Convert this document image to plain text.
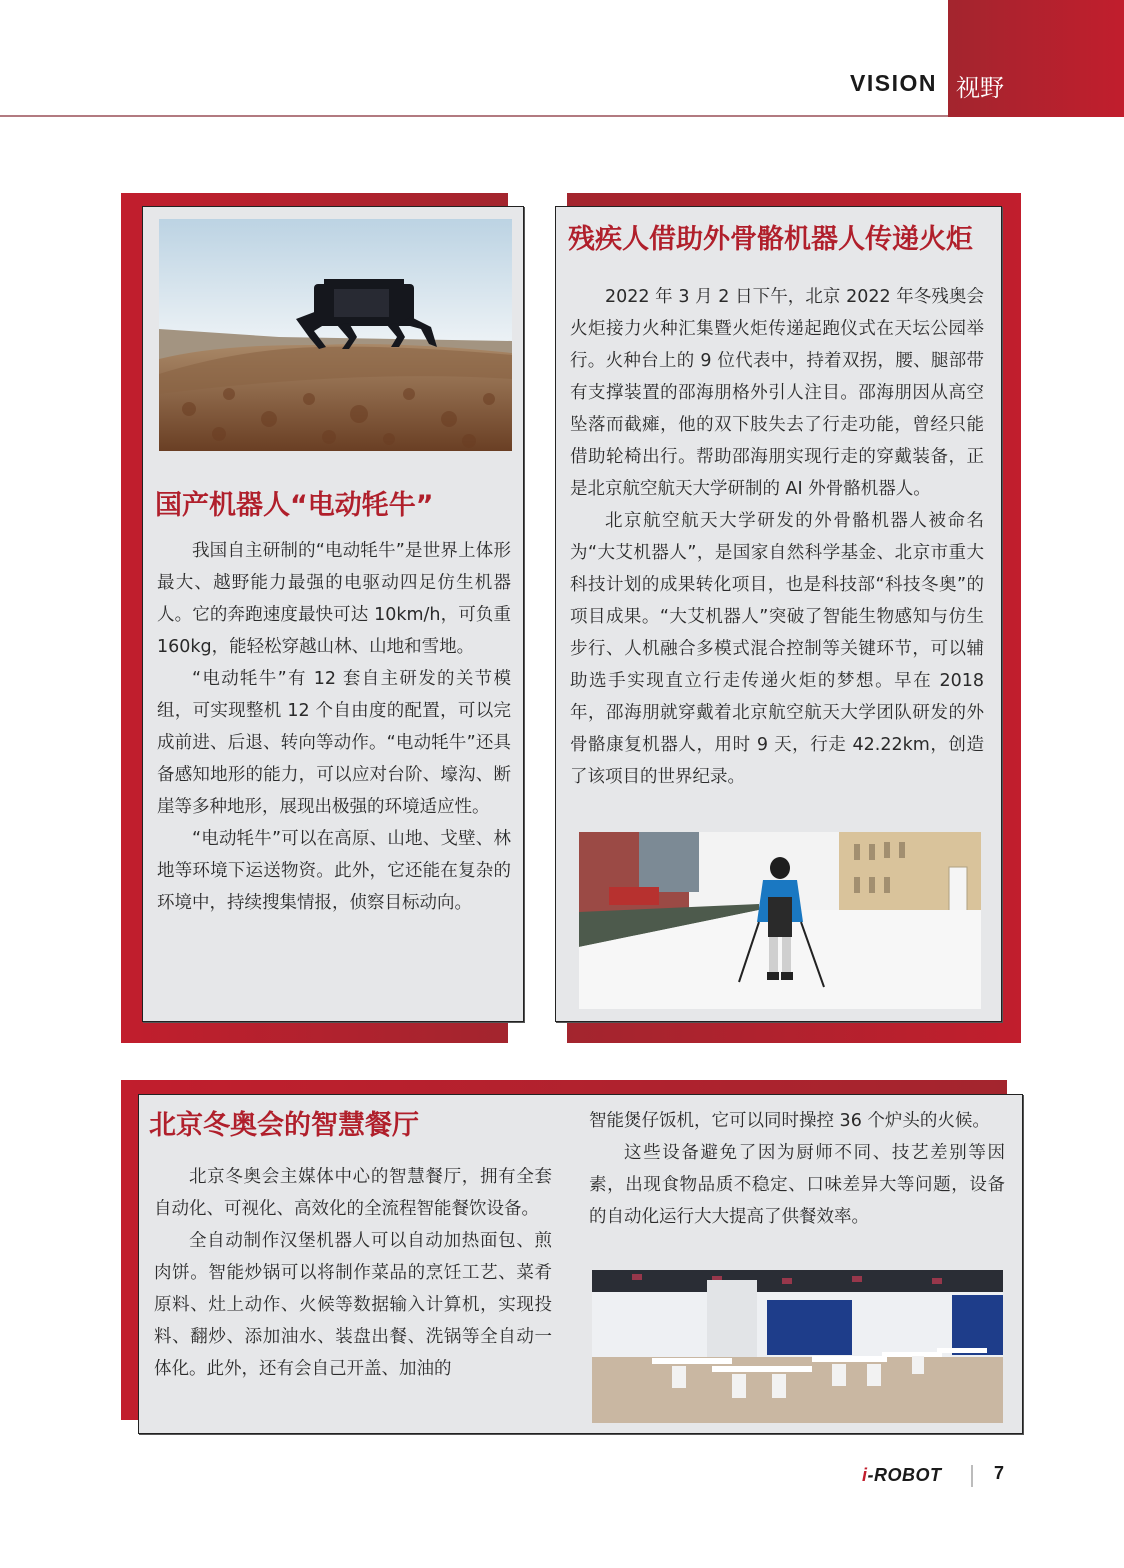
VISION 视野
国产机器人“电动牦牛”

我国自主研制的“电动牦牛”是世界上体形最大、越野能力最强的电驱动四足仿生机器人。它的奔跑速度最快可达 10km/h，可负重 160kg，能轻松穿越山林、山地和雪地。

“电动牦牛”有 12 套自主研发的关节模组，可实现整机 12 个自由度的配置，可以完成前进、后退、转向等动作。“电动牦牛”还具备感知地形的能力，可以应对台阶、壕沟、断崖等多种地形，展现出极强的环境适应性。

“电动牦牛”可以在高原、山地、戈壁、林地等环境下运送物资。此外，它还能在复杂的环境中，持续搜集情报，侦察目标动向。

残疾人借助外骨骼机器人传递火炬

2022 年 3 月 2 日下午，北京 2022 年冬残奥会火炬接力火种汇集暨火炬传递起跑仪式在天坛公园举行。火种台上的 9 位代表中，持着双拐，腰、腿部带有支撑装置的邵海朋格外引人注目。邵海朋因从高空坠落而截瘫，他的双下肢失去了行走功能，曾经只能借助轮椅出行。帮助邵海朋实现行走的穿戴装备，正是北京航空航天大学研制的 AI 外骨骼机器人。

北京航空航天大学研发的外骨骼机器人被命名为“大艾机器人”，是国家自然科学基金、北京市重大科技计划的成果转化项目，也是科技部“科技冬奥”的项目成果。“大艾机器人”突破了智能生物感知与仿生步行、人机融合多模式混合控制等关键环节，可以辅助选手实现直立行走传递火炬的梦想。早在 2018 年，邵海朋就穿戴着北京航空航天大学团队研发的外骨骼康复机器人，用时 9 天，行走 42.22km，创造了该项目的世界纪录。

北京冬奥会的智慧餐厅

北京冬奥会主媒体中心的智慧餐厅，拥有全套自动化、可视化、高效化的全流程智能餐饮设备。

全自动制作汉堡机器人可以自动加热面包、煎肉饼。智能炒锅可以将制作菜品的烹饪工艺、菜肴原料、灶上动作、火候等数据输入计算机，实现投料、翻炒、添加油水、装盘出餐、洗锅等全自动一体化。此外，还有会自己开盖、加油的

智能煲仔饭机，它可以同时操控 36 个炉头的火候。

这些设备避免了因为厨师不同、技艺差别等因素，出现食物品质不稳定、口味差异大等问题，设备的自动化运行大大提高了供餐效率。

i-ROBOT	7
